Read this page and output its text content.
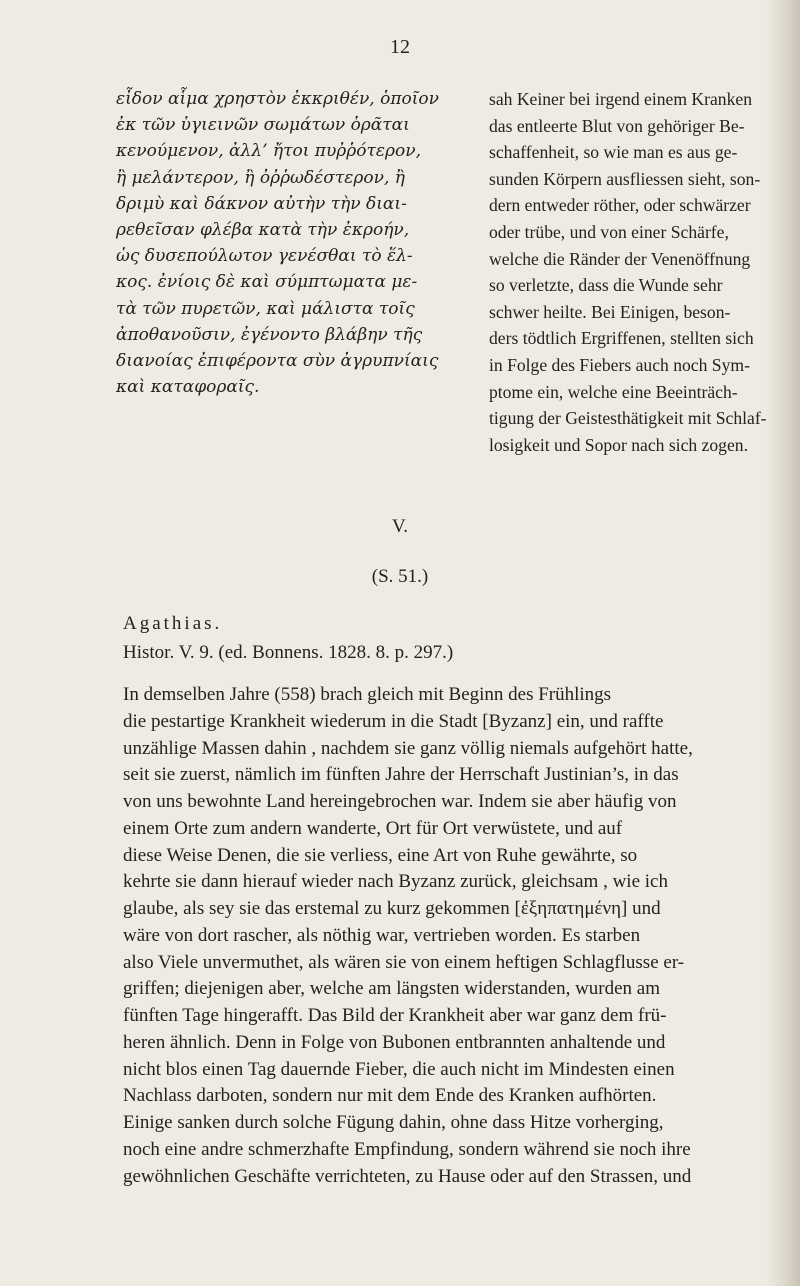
12
εἶδον αἷμα χρηστὸν ἐκκριθέν, ὁποῖον
ἐκ τῶν ὑγιεινῶν σωμάτων ὁρᾶται
κενούμενον, ἀλλ’ ἤτοι πυῤῥότερον,
ἢ μελάντερον, ἢ ὀῤῥωδέστερον, ἢ
δριμὺ καὶ δάκνον αὐτὴν τὴν διαι-
ρεθεῖσαν φλέβα κατὰ τὴν ἐκροήν,
ὡς δυσεπούλωτον γενέσθαι τὸ ἕλ-
κος. ἐνίοις δὲ καὶ σύμπτωματα με-
τὰ τῶν πυρετῶν, καὶ μάλιστα τοῖς
ἀποθανοῦσιν, ἐγένοντο βλάβην τῆς
διανοίας ἐπιφέροντα σὺν ἀγρυπνίαις
καὶ καταφοραῖς.
sah Keiner bei irgend einem Kranken
das entleerte Blut von gehöriger Be-
schaffenheit, so wie man es aus ge-
sunden Körpern ausfliessen sieht, son-
dern entweder röther, oder schwärzer
oder trübe, und von einer Schärfe,
welche die Ränder der Venenöffnung
so verletzte, dass die Wunde sehr
schwer heilte. Bei Einigen, beson-
ders tödtlich Ergriffenen, stellten sich
in Folge des Fiebers auch noch Sym-
ptome ein, welche eine Beeinträch-
tigung der Geistesthätigkeit mit Schlaf-
losigkeit und Sopor nach sich zogen.
V.
(S. 51.)
Agathias.
Histor. V. 9. (ed. Bonnens. 1828. 8. p. 297.)
In demselben Jahre (558) brach gleich mit Beginn des Frühlings
die pestartige Krankheit wiederum in die Stadt [Byzanz] ein, und raffte
unzählige Massen dahin , nachdem sie ganz völlig niemals aufgehört hatte,
seit sie zuerst, nämlich im fünften Jahre der Herrschaft Justinian’s, in das
von uns bewohnte Land hereingebrochen war. Indem sie aber häufig von
einem Orte zum andern wanderte, Ort für Ort verwüstete, und auf
diese Weise Denen, die sie verliess, eine Art von Ruhe gewährte, so
kehrte sie dann hierauf wieder nach Byzanz zurück, gleichsam , wie ich
glaube, als sey sie das erstemal zu kurz gekommen [ἐξηπατημένη] und
wäre von dort rascher, als nöthig war, vertrieben worden. Es starben
also Viele unvermuthet, als wären sie von einem heftigen Schlagflusse er-
griffen; diejenigen aber, welche am längsten widerstanden, wurden am
fünften Tage hingerafft. Das Bild der Krankheit aber war ganz dem frü-
heren ähnlich. Denn in Folge von Bubonen entbrannten anhaltende und
nicht blos einen Tag dauernde Fieber, die auch nicht im Mindesten einen
Nachlass darboten, sondern nur mit dem Ende des Kranken aufhörten.
Einige sanken durch solche Fügung dahin, ohne dass Hitze vorherging,
noch eine andre schmerzhafte Empfindung, sondern während sie noch ihre
gewöhnlichen Geschäfte verrichteten, zu Hause oder auf den Strassen, und
